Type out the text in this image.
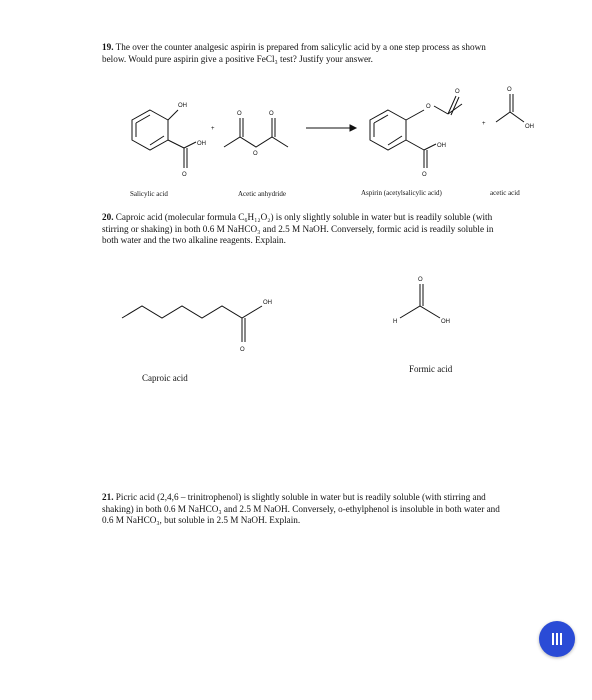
19. The over the counter analgesic aspirin is prepared from salicylic acid by a one step process as shown below. Would pure aspirin give a positive FeCl₃ test? Justify your answer.
OH
OH
O
+
O
O
O
O
O
OH
O
+
O
OH
OH
O
H	OH
O
Salicylic acid	Acetic anhydride	Aspirin (acetylsalicylic acid)	acetic acid
20. Caproic acid (molecular formula C₆H₁₂O₂) is only slightly soluble in water but is readily soluble (with stirring or shaking) in both 0.6 M NaHCO₃ and 2.5 M NaOH. Conversely, formic acid is readily soluble in both water and the two alkaline reagents. Explain.
Caproic acid
Formic acid
21. Picric acid (2,4,6 – trinitrophenol) is slightly soluble in water but is readily soluble (with stirring and shaking) in both 0.6 M NaHCO₃ and 2.5 M NaOH. Conversely, o-ethylphenol is insoluble in both water and 0.6 M NaHCO₃, but soluble in 2.5 M NaOH. Explain.
